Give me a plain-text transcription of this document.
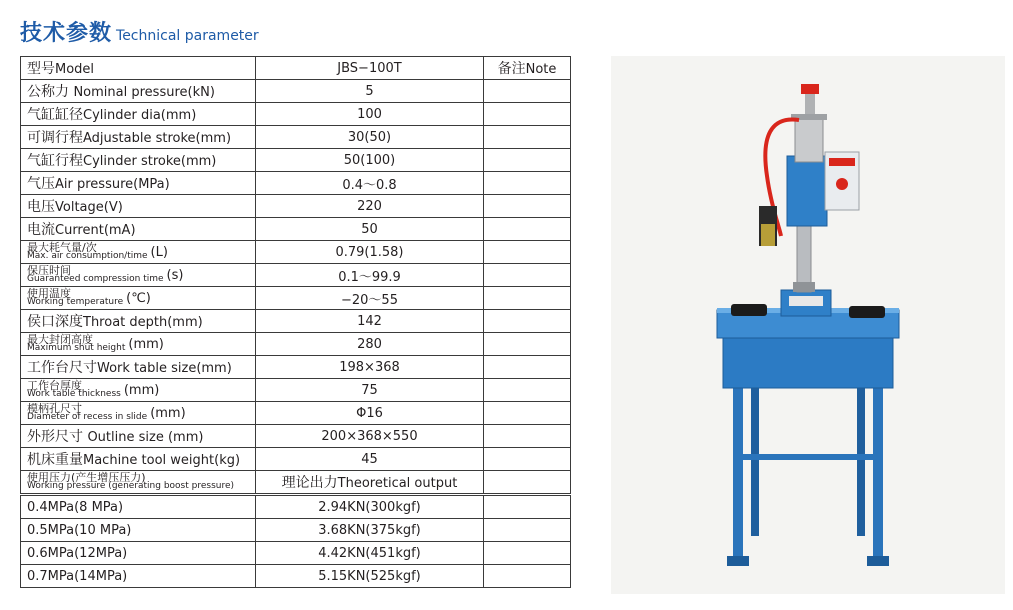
技术参数 Technical parameter
型号Model	JBS−100T	备注Note
公称力 Nominal pressure(kN)	5	
气缸缸径Cylinder dia(mm)	100	
可调行程Adjustable stroke(mm)	30(50)	
气缸行程Cylinder stroke(mm)	50(100)	
气压Air pressure(MPa)	0.4～0.8	
电压Voltage(V)	220	
电流Current(mA)	50	

最大耗气量/次
Max. air consumption/time (L)	0.79(1.58)	

保压时间
Guaranteed compression time (s)	0.1～99.9	

使用温度
Working temperature (℃)	−20～55	
侯口深度Throat depth(mm)	142	

最大封闭高度
Maximum shut height (mm)	280	
工作台尺寸Work table size(mm)	198×368	

工作台厚度
Work table thickness (mm)	75	

模柄孔尺寸
Diameter of recess in slide (mm)	Φ16	
外形尺寸 Outline size (mm)	200×368×550	
机床重量Machine tool weight(kg)	45	

使用压力(产生增压压力)
Working pressure (generating boost pressure)	理论出力Theoretical output	
0.4MPa(8 MPa)	2.94KN(300kgf)	
0.5MPa(10 MPa)	3.68KN(375kgf)	
0.6MPa(12MPa)	4.42KN(451kgf)	
0.7MPa(14MPa)	5.15KN(525kgf)	
